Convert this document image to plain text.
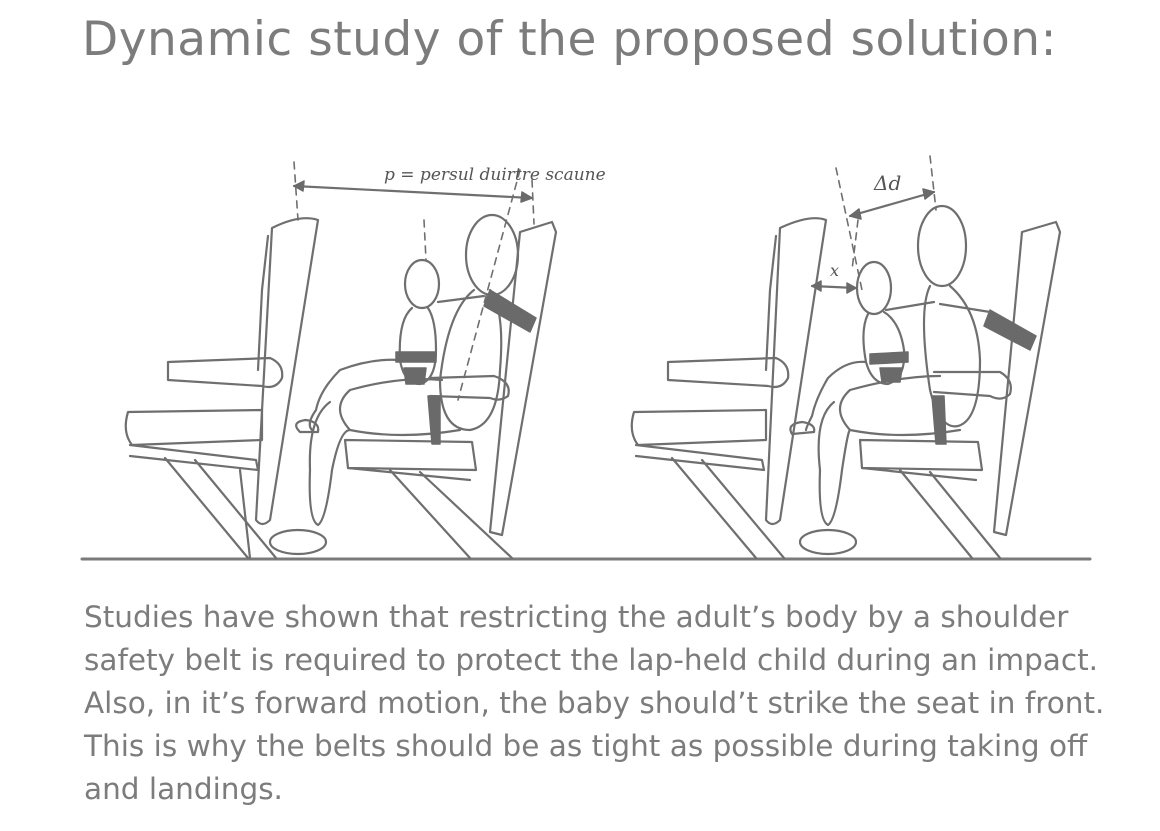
Dynamic study of the proposed solution:
p = persul duirtre scaune	Δd
x

Studies have shown that restricting the adult’s body by a shoulder safety belt is required to protect the lap-held child during an impact. Also, in it’s forward motion, the baby should’t strike the seat in front. This is why the belts should be as tight as possible during taking off and landings.
